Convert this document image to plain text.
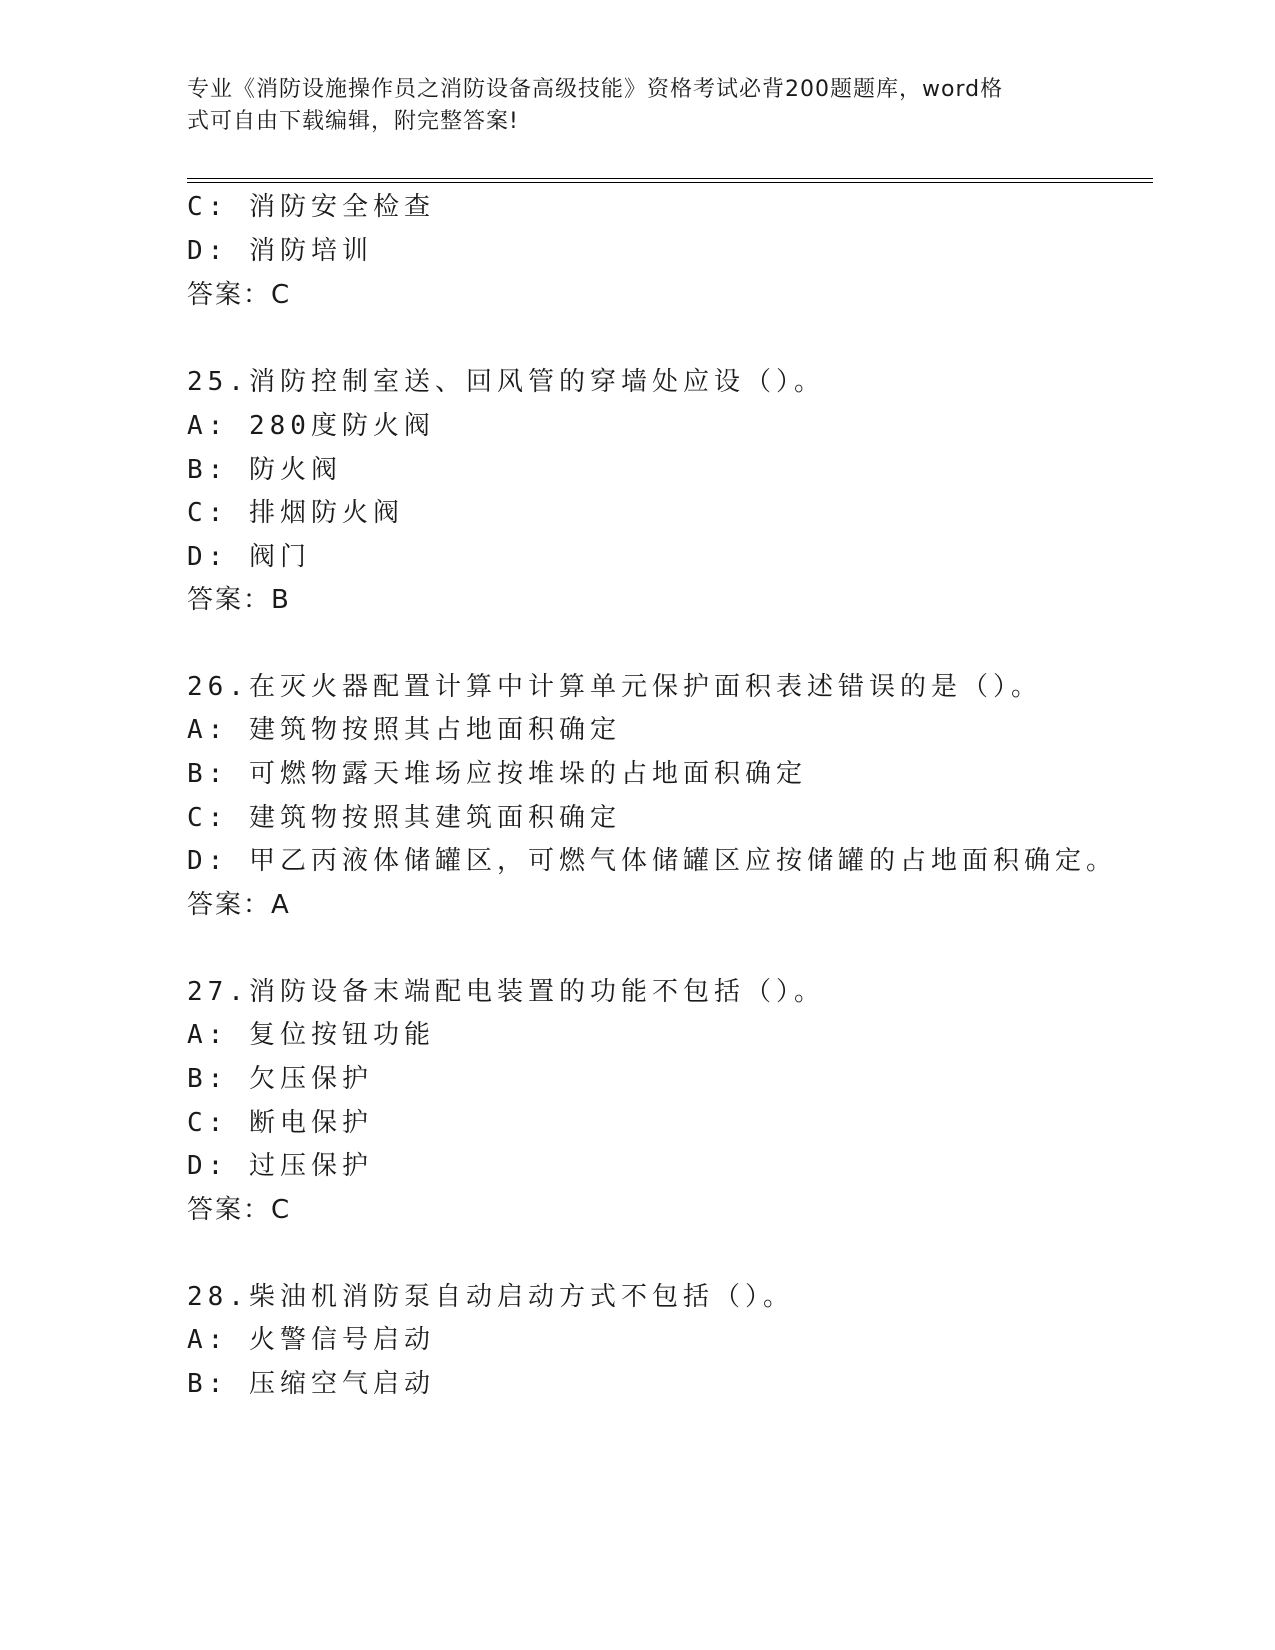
专业《消防设施操作员之消防设备高级技能》资格考试必背200题题库，word格
式可自由下载编辑，附完整答案!
C: 消防安全检查
D: 消防培训
答案：C
25.消防控制室送、回风管的穿墙处应设（）。
A: 280度防火阀
B: 防火阀
C: 排烟防火阀
D: 阀门
答案：B
26.在灭火器配置计算中计算单元保护面积表述错误的是（）。
A: 建筑物按照其占地面积确定
B: 可燃物露天堆场应按堆垛的占地面积确定
C: 建筑物按照其建筑面积确定
D: 甲乙丙液体储罐区，可燃气体储罐区应按储罐的占地面积确定。
答案：A
27.消防设备末端配电装置的功能不包括（）。
A: 复位按钮功能
B: 欠压保护
C: 断电保护
D: 过压保护
答案：C
28.柴油机消防泵自动启动方式不包括（）。
A: 火警信号启动
B: 压缩空气启动
